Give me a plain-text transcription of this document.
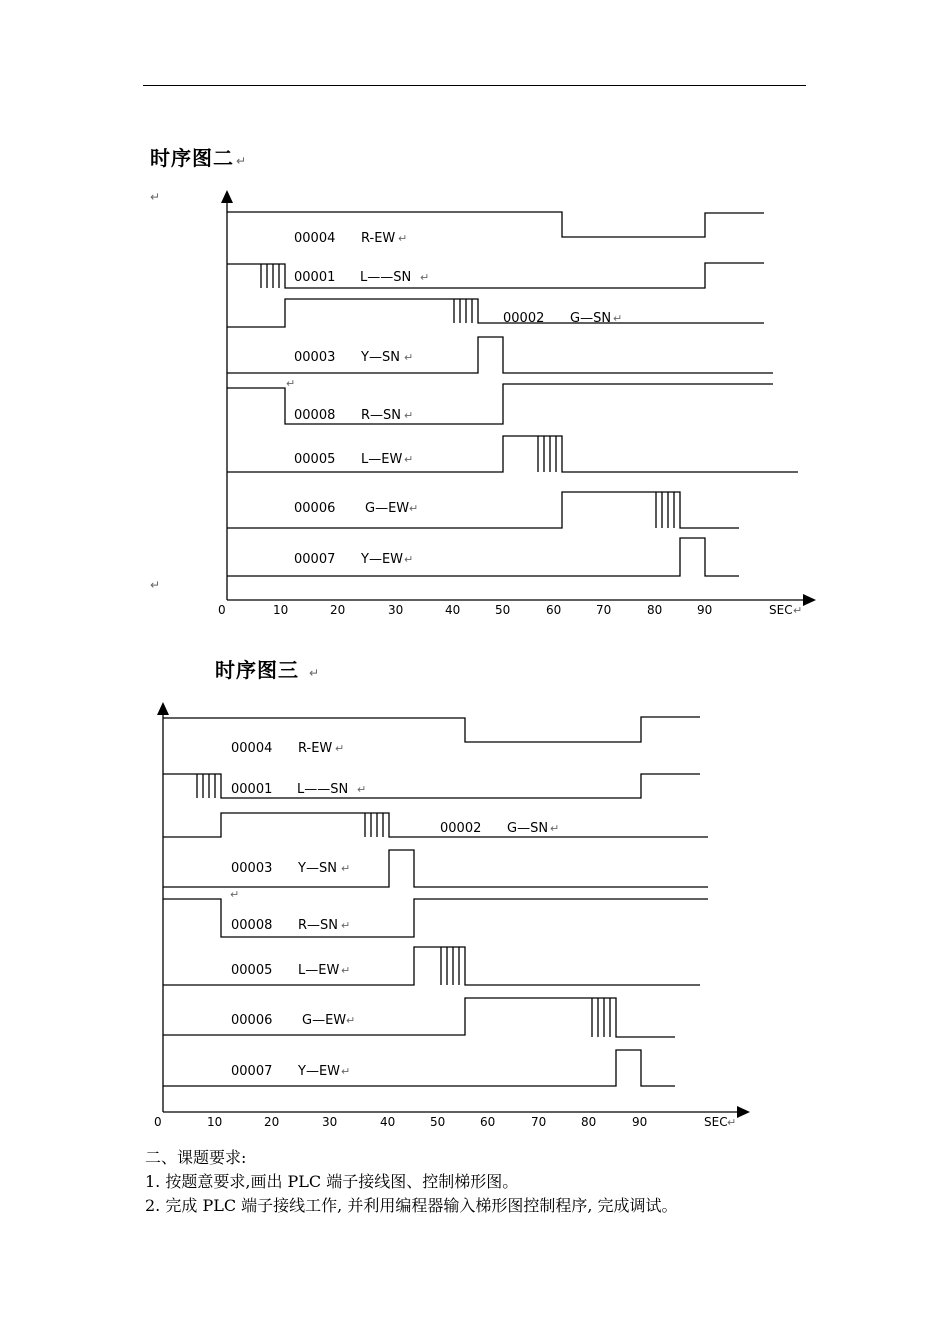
时序图二 ↵
↵
↵
00004 R-EW ↵
00001 L——SN ↵
00002 G—SN ↵
00003 Y—SN ↵
↵
00008 R—SN ↵
00005 L—EW ↵
00006 G—EW ↵
00007 Y—EW ↵
0	10	20	30	40	50	60	70	80	90	SEC ↵
时序图三 ↵
00004 R-EW ↵
00001 L——SN ↵
00002 G—SN ↵
00003 Y—SN ↵
↵
00008 R—SN ↵
00005 L—EW ↵
00006 G—EW ↵
00007 Y—EW ↵
0	10	20	30	40	50	60	70	80	90	SEC ↵
二、课题要求:
1. 按题意要求,画出 PLC 端子接线图、控制梯形图。
2. 完成 PLC 端子接线工作, 并利用编程器输入梯形图控制程序, 完成调试。
